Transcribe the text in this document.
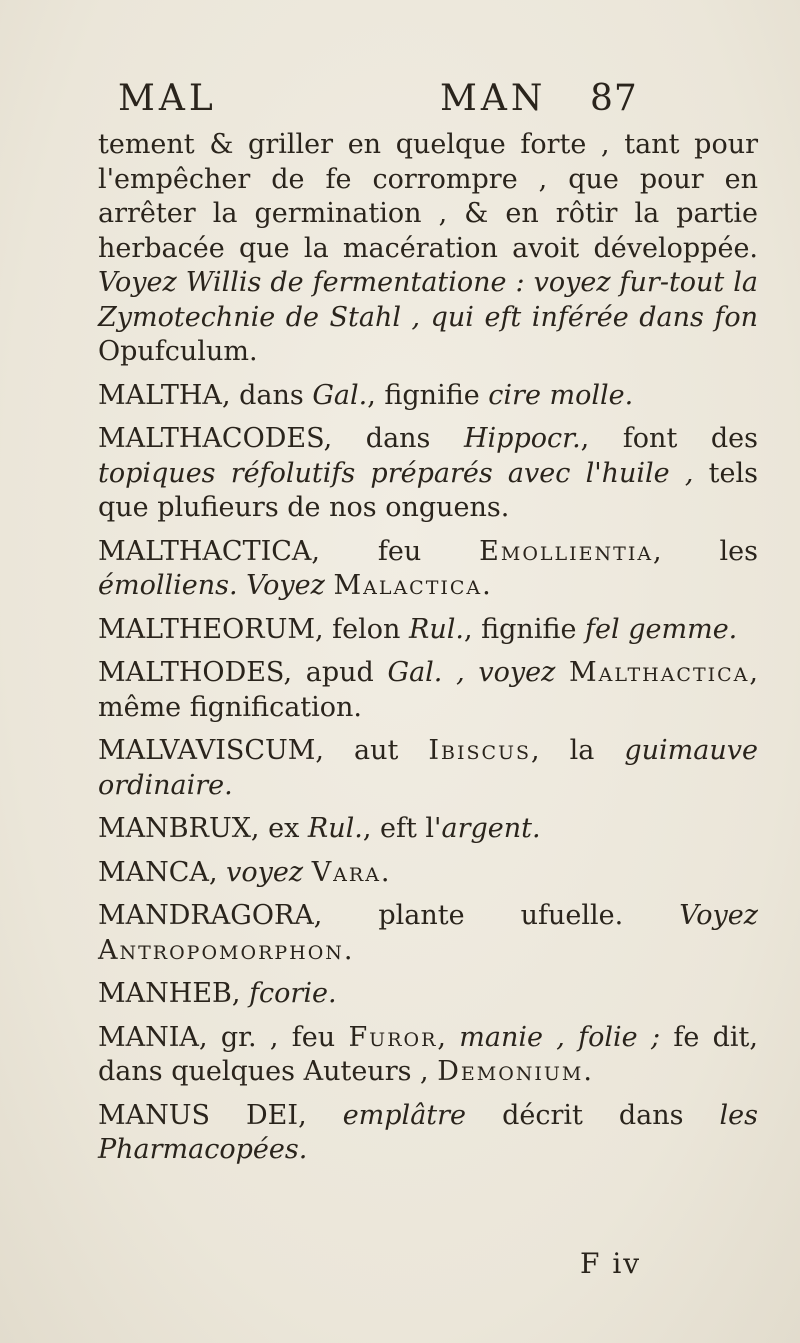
MAL	MAN 87

tement & griller en quelque forte , tant pour l'empêcher de fe corrompre , que pour en arrêter la germination , & en rôtir la partie herbacée que la macération avoit développée. Voyez Willis de fermentatione : voyez fur-tout la Zymotechnie de Stahl , qui eft inférée dans fon Opufculum.

MALTHA, dans Gal., fignifie cire molle.

MALTHACODES, dans Hippocr., font des topiques réfolutifs préparés avec l'huile , tels que plufieurs de nos onguens.

MALTHACTICA, feu Emollientia, les émolliens. Voyez Malactica.

MALTHEORUM, felon Rul., fignifie fel gemme.

MALTHODES, apud Gal. , voyez Malthactica, même fignification.

MALVAVISCUM, aut Ibiscus, la guimauve ordinaire.

MANBRUX, ex Rul., eft l'argent.

MANCA, voyez Vara.

MANDRAGORA, plante ufuelle. Voyez Antropomorphon.

MANHEB, fcorie.

MANIA, gr. , feu Furor, manie , folie ; fe dit, dans quelques Auteurs , Demonium.

MANUS DEI, emplâtre décrit dans les Pharmacopées.

F iv
